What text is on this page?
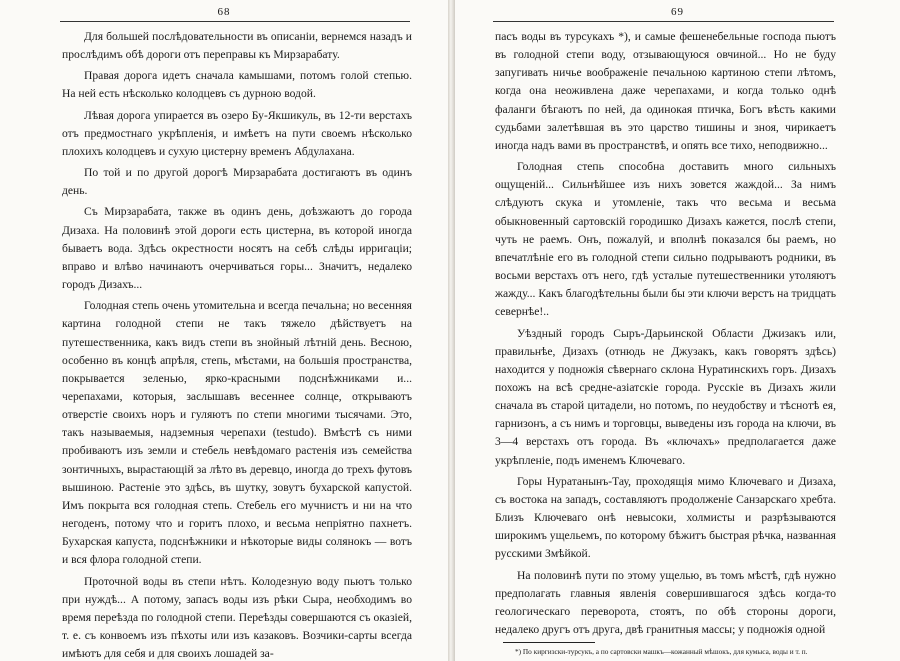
68

Для большей послѣдовательности въ описаніи, вернемся назадъ и прослѣдимъ обѣ дороги отъ переправы къ Мирзарабату.

Правая дорога идетъ сначала камышами, потомъ голой степью. На ней есть нѣсколько колодцевъ съ дурною водой.

Лѣвая дорога упирается въ озеро Бу-Якшикуль, въ 12-ти верстахъ отъ предмостнаго укрѣпленія, и имѣетъ на пути своемъ нѣсколько плохихъ колодцевъ и сухую цистерну временъ Абдулахана.

По той и по другой дорогѣ Мирзарабата достигаютъ въ одинъ день.

Съ Мирзарабата, также въ одинъ день, доѣзжаютъ до города Дизаха. На половинѣ этой дороги есть цистерна, въ которой иногда бываетъ вода. Здѣсь окрестности носятъ на себѣ слѣды ирригаціи; вправо и влѣво начинаютъ очерчиваться горы... Значитъ, недалеко городъ Дизахъ...

Голодная степь очень утомительна и всегда печальна; но весенняя картина голодной степи не такъ тяжело дѣйствуетъ на путешественника, какъ видъ степи въ знойный лѣтній день. Весною, особенно въ концѣ апрѣля, степь, мѣстами, на большія пространства, покрывается зеленью, ярко-красными подснѣжниками и... черепахами, которыя, заслышавъ весеннее солнце, открываютъ отверстіе своихъ норъ и гуляютъ по степи многими тысячами. Это, такъ называемыя, надземныя черепахи (testudo). Вмѣстѣ съ ними пробиваютъ изъ земли и стебель невѣдомаго растенія изъ семейства зонтичныхъ, вырастающій за лѣто въ деревцо, иногда до трехъ футовъ вышиною. Растеніе это здѣсь, въ шутку, зовутъ бухарской капустой. Имъ покрыта вся голодная степь. Стебель его мучнистъ и ни на что негоденъ, потому что и горитъ плохо, и весьма непріятно пахнетъ. Бухарская капуста, подснѣжники и нѣкоторые виды солянокъ — вотъ и вся флора голодной степи.

Проточной воды въ степи нѣтъ. Колодезную воду пьютъ только при нуждѣ... А потому, запасъ воды изъ рѣки Сыра, необходимъ во время переѣзда по голодной степи. Переѣзды совершаются съ оказіей, т. е. съ конвоемъ изъ пѣхоты или изъ казаковъ. Возчики-сарты всегда имѣютъ для себя и для своихъ лошадей за-

69

пасъ воды въ турсукахъ *), и самые фешенебельные господа пьютъ въ голодной степи воду, отзывающуюся овчиной... Но не буду запугивать ничье воображеніе печальною картиною степи лѣтомъ, когда она неоживлена даже черепахами, и когда только однѣ фаланги бѣгаютъ по ней, да одинокая птичка, Богъ вѣсть какими судьбами залетѣвшая въ это царство тишины и зноя, чирикаетъ иногда надъ вами въ пространствѣ, и опять все тихо, неподвижно...

Голодная степь способна доставить много сильныхъ ощущеній... Сильнѣйшее изъ нихъ зовется жаждой... За нимъ слѣдуютъ скука и утомленіе, такъ что весьма и весьма обыкновенный сартовскій городишко Дизахъ кажется, послѣ степи, чуть не раемъ. Онъ, пожалуй, и вполнѣ показался бы раемъ, но впечатлѣніе его въ голодной степи сильно подрываютъ родники, въ восьми верстахъ отъ него, гдѣ усталые путешественники утоляютъ жажду... Какъ благодѣтельны были бы эти ключи верстъ на тридцать севернѣе!..

Уѣздный городъ Сыръ-Дарьинской Области Джизакъ или, правильнѣе, Дизахъ (отнюдь не Джузакъ, какъ говорятъ здѣсь) находится у подножія сѣвернаго склона Нуратинскихъ горъ. Дизахъ похожъ на всѣ средне-азіатскіе города. Русскіе въ Дизахъ жили сначала въ старой цитадели, но потомъ, по неудобству и тѣснотѣ ея, гарнизонъ, а съ нимъ и торговцы, выведены изъ города на ключи, въ 3—4 верстахъ отъ города. Въ «ключахъ» предполагается даже укрѣпленіе, подъ именемъ Ключеваго.

Горы Нуратанынъ-Тау, проходящія мимо Ключеваго и Дизаха, съ востока на западъ, составляютъ продолженіе Санзарскаго хребта. Близъ Ключеваго онѣ невысоки, холмисты и разрѣзываются широкимъ ущельемъ, по которому бѣжитъ быстрая рѣчка, названная русскими Змѣйкой.

На половинѣ пути по этому ущелью, въ томъ мѣстѣ, гдѣ нужно предполагать главныя явленія совершившагося здѣсь когда-то геологическаго переворота, стоятъ, по обѣ стороны дороги, недалеко другъ отъ друга, двѣ гранитныя массы; у подножія одной

*) По киргизски-турсукъ, а по сартовски машкъ—кожанный мѣшокъ, для кумыса, воды и т. п.
